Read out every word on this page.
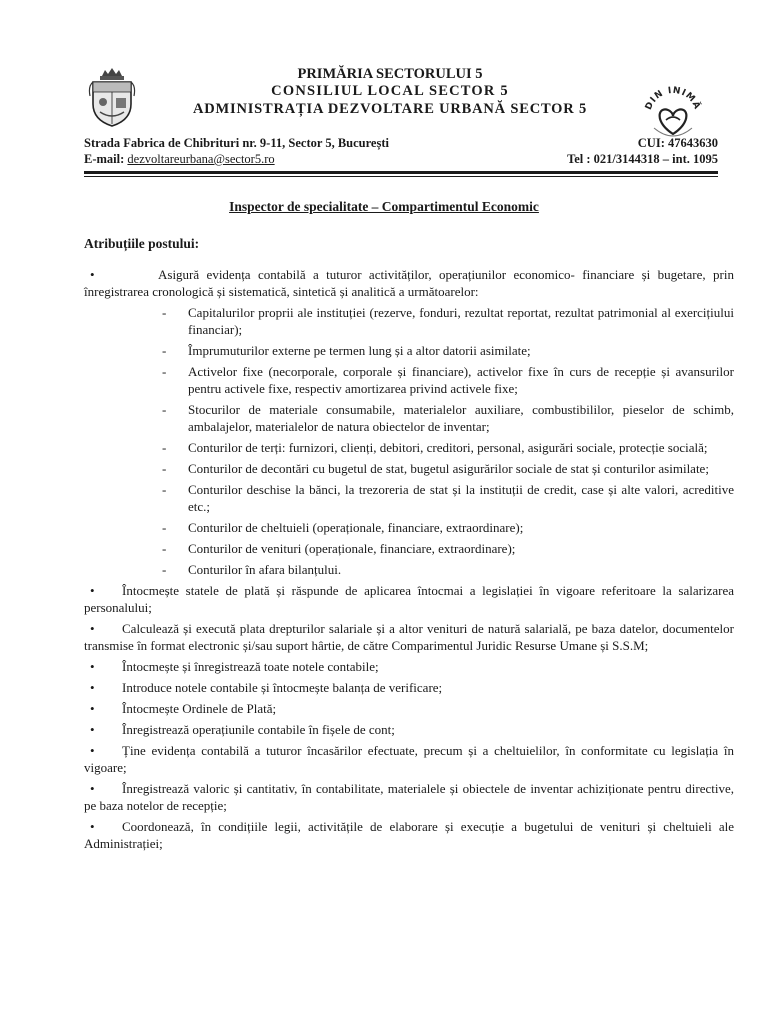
PRIMĂRIA SECTORULUI 5
CONSILIUL LOCAL SECTOR 5
ADMINISTRAȚIA DEZVOLTARE URBANĂ SECTOR 5	DIN INIMĂ
Strada Fabrica de Chibrituri nr. 9-11, Sector 5, București
E-mail: dezvoltareurbana@sector5.ro
CUI: 47643630
Tel : 021/3144318 – int. 1095
Inspector de specialitate – Compartimentul Economic
Atribuțiile postului:
•	Asigură evidența contabilă a tuturor activităților, operațiunilor economico- financiare și bugetare, prin înregistrarea cronologică și sistematică, sintetică și analitică a următoarelor:
- Capitalurilor proprii ale instituției (rezerve, fonduri, rezultat reportat, rezultat patrimonial al exercițiului financiar);
- Împrumuturilor externe pe termen lung și a altor datorii asimilate;
- Activelor fixe (necorporale, corporale și financiare), activelor fixe în curs de recepție și avansurilor pentru activele fixe, respectiv amortizarea privind activele fixe;
- Stocurilor de materiale consumabile, materialelor auxiliare, combustibililor, pieselor de schimb, ambalajelor, materialelor de natura obiectelor de inventar;
- Conturilor de terți: furnizori, clienți, debitori, creditori, personal, asigurări sociale, protecție socială;
- Conturilor de decontări cu bugetul de stat, bugetul asigurărilor sociale de stat și conturilor asimilate;
- Conturilor deschise la bănci, la trezoreria de stat și la instituții de credit, case și alte valori, acreditive etc.;
- Conturilor de cheltuieli (operaționale, financiare, extraordinare);
- Conturilor de venituri (operaționale, financiare, extraordinare);
- Conturilor în afara bilanțului.
•	Întocmește statele de plată și răspunde de aplicarea întocmai a legislației în vigoare referitoare la salarizarea personalului;
•	Calculează și execută plata drepturilor salariale și a altor venituri de natură salarială, pe baza datelor, documentelor transmise în format electronic și/sau suport hârtie, de către Comparimentul Juridic Resurse Umane și S.S.M;
•	Întocmește și înregistrează toate notele contabile;
•	Introduce notele contabile și întocmește balanța de verificare;
•	Întocmește Ordinele de Plată;
•	Înregistrează operațiunile contabile în fișele de cont;
•	Ține evidența contabilă a tuturor încasărilor efectuate, precum și a cheltuielilor, în conformitate cu legislația în vigoare;
•	Înregistrează valoric și cantitativ, în contabilitate, materialele și obiectele de inventar achiziționate pentru directive, pe baza notelor de recepție;
•	Coordonează, în condițiile legii, activitățile de elaborare și execuție a bugetului de venituri și cheltuieli ale Administrației;
